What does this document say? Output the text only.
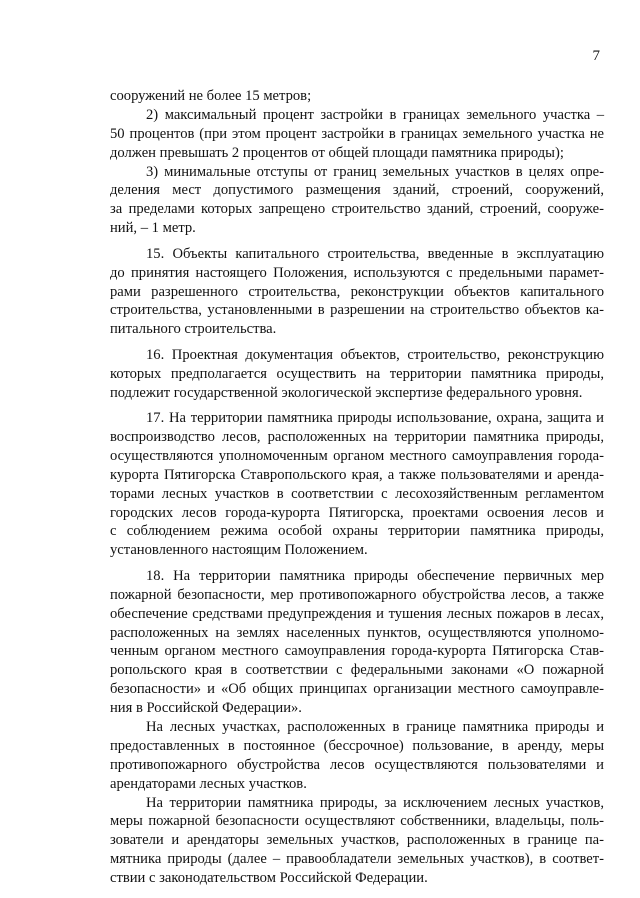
7
сооружений не более 15 метров;
2) максимальный процент застройки в границах земельного участка –
50 процентов (при этом процент застройки в границах земельного участка не
должен превышать 2 процентов от общей площади памятника природы);
3) минимальные отступы от границ земельных участков в целях опре-
деления мест допустимого размещения зданий, строений, сооружений,
за пределами которых запрещено строительство зданий, строений, сооруже-
ний, – 1 метр.
15. Объекты капитального строительства, введенные в эксплуатацию
до принятия настоящего Положения, используются с предельными парамет-
рами разрешенного строительства, реконструкции объектов капитального
строительства, установленными в разрешении на строительство объектов ка-
питального строительства.
16. Проектная документация объектов, строительство, реконструкцию
которых предполагается осуществить на территории памятника природы,
подлежит государственной экологической экспертизе федерального уровня.
17. На территории памятника природы использование, охрана, защита и
воспроизводство лесов, расположенных на территории памятника природы,
осуществляются уполномоченным органом местного самоуправления города-
курорта Пятигорска Ставропольского края, а также пользователями и арендa-
торами лесных участков в соответствии с лесохозяйственным регламентом
городских лесов города-курорта Пятигорска, проектами освоения лесов и
с соблюдением режима особой охраны территории памятника природы,
установленного настоящим Положением.
18. На территории памятника природы обеспечение первичных мер
пожарной безопасности, мер противопожарного обустройства лесов, а также
обеспечение средствами предупреждения и тушения лесных пожаров в лесах,
расположенных на землях населенных пунктов, осуществляются уполномо-
ченным органом местного самоуправления города-курорта Пятигорска Став-
ропольского края в соответствии с федеральными законами «О пожарной
безопасности» и «Об общих принципах организации местного самоуправле-
ния в Российской Федерации».
На лесных участках, расположенных в границе памятника природы и
предоставленных в постоянное (бессрочное) пользование, в аренду, меры
противопожарного обустройства лесов осуществляются пользователями и
арендаторами лесных участков.
На территории памятника природы, за исключением лесных участков,
меры пожарной безопасности осуществляют собственники, владельцы, поль-
зователи и арендаторы земельных участков, расположенных в границе па-
мятника природы (далее – правообладатели земельных участков), в соответ-
ствии с законодательством Российской Федерации.
